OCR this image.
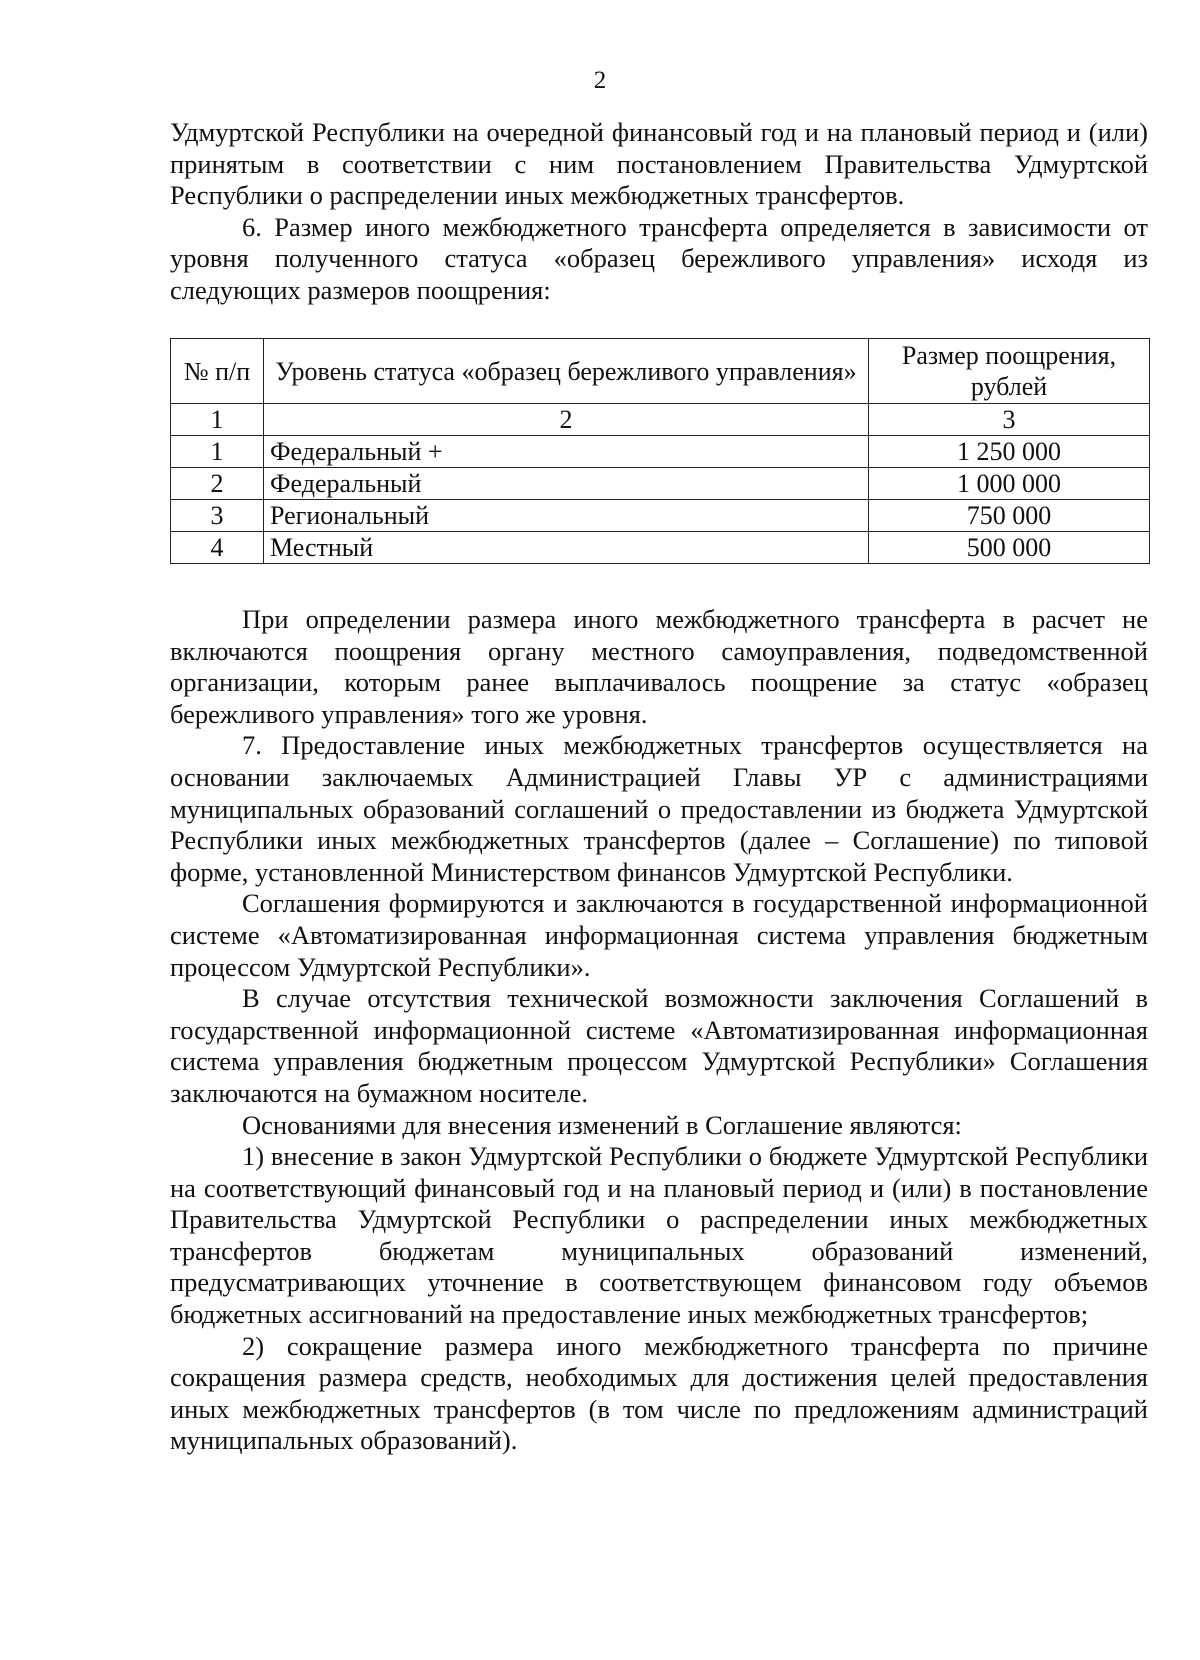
2

Удмуртской Республики на очередной финансовый год и на плановый период и (или) принятым в соответствии с ним постановлением Правительства Удмуртской Республики о распределении иных межбюджетных трансфертов.

6. Размер иного межбюджетного трансферта определяется в зависимости от уровня полученного статуса «образец бережливого управления» исходя из следующих размеров поощрения:

№ п/п	Уровень статуса «образец бережливого управления»	Размер поощрения, рублей
1	2	3
1	Федеральный +	1 250 000
2	Федеральный	1 000 000
3	Региональный	750 000
4	Местный	500 000

При определении размера иного межбюджетного трансферта в расчет не включаются поощрения органу местного самоуправления, подведомственной организации, которым ранее выплачивалось поощрение за статус «образец бережливого управления» того же уровня.

7. Предоставление иных межбюджетных трансфертов осуществляется на основании заключаемых Администрацией Главы УР с администрациями муниципальных образований соглашений о предоставлении из бюджета Удмуртской Республики иных межбюджетных трансфертов (далее – Соглашение) по типовой форме, установленной Министерством финансов Удмуртской Республики.

Соглашения формируются и заключаются в государственной информационной системе «Автоматизированная информационная система управления бюджетным процессом Удмуртской Республики».

В случае отсутствия технической возможности заключения Соглашений в государственной информационной системе «Автоматизированная информационная система управления бюджетным процессом Удмуртской Республики» Соглашения заключаются на бумажном носителе.

Основаниями для внесения изменений в Соглашение являются:

1) внесение в закон Удмуртской Республики о бюджете Удмуртской Республики на соответствующий финансовый год и на плановый период и (или) в постановление Правительства Удмуртской Республики о распределении иных межбюджетных трансфертов бюджетам муниципальных образований изменений, предусматривающих уточнение в соответствующем финансовом году объемов бюджетных ассигнований на предоставление иных межбюджетных трансфертов;

2) сокращение размера иного межбюджетного трансферта по причине сокращения размера средств, необходимых для достижения целей предоставления иных межбюджетных трансфертов (в том числе по предложениям администраций муниципальных образований).
